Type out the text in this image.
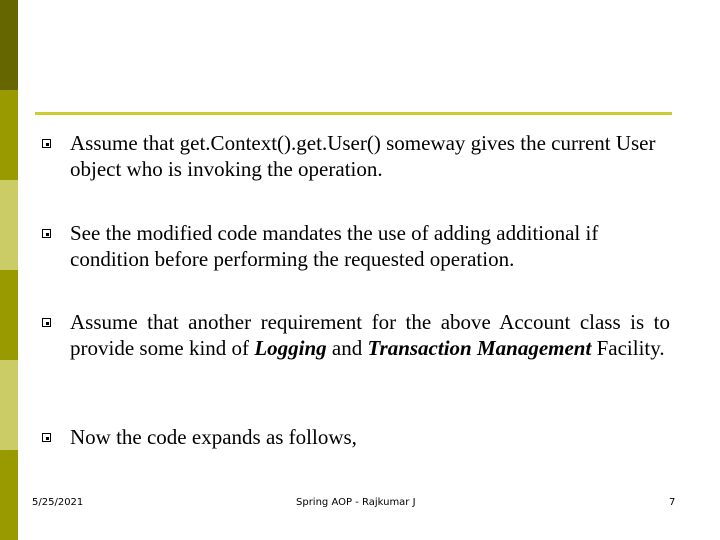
Assume that get.Context().get.User() someway gives the current User object who is invoking the operation.
See the modified code mandates the use of adding additional if condition before performing the requested operation.
Assume that another requirement for the above Account class is to provide some kind of Logging and Transaction Management Facility.
Now the code expands as follows,
5/25/2021	Spring AOP - Rajkumar J	7
